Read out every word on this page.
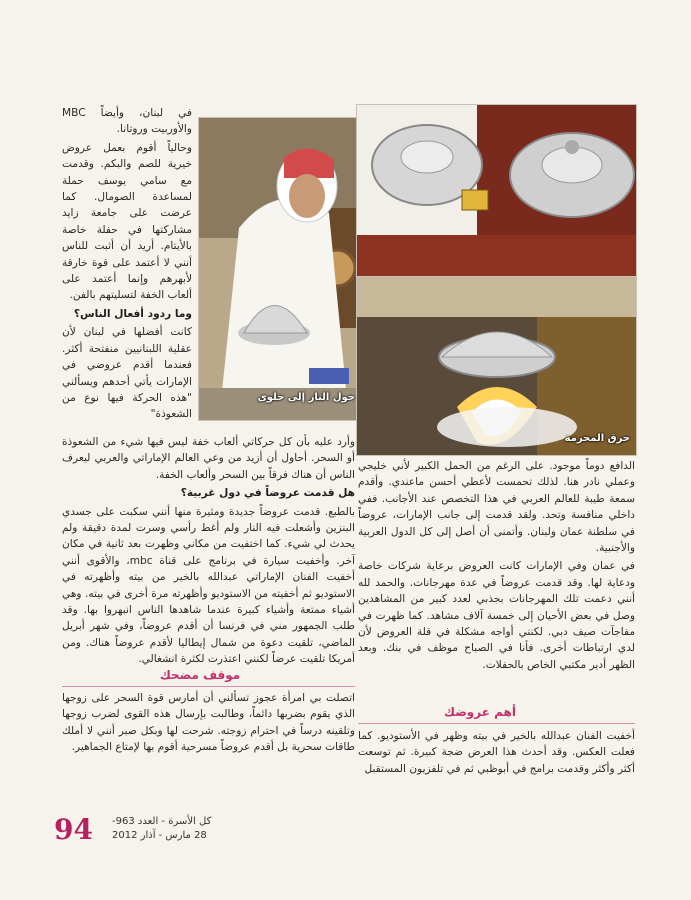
حول النار إلى حلوى
حرق المحرمة

في لبنان، وأيضاً MBC والأوربيت وروتانا.

وحالياً أقوم بعمل عروض خيرية للصم والبكم. وقدمت مع سامي يوسف حملة لمساعدة الصومال. كما عرضت على جامعة زايد مشاركتها في حفلة خاصة بالأيتام. أريد أن أثبت للناس أنني لا أعتمد على قوة خارقة لأبهرهم وإنما أعتمد على ألعاب الخفة لتسليتهم بالفن.

وما ردود أفعال الناس؟

كانت أفضلها في لبنان لأن عقلية اللبنانيين منفتحة أكثر. فعندما أقدم عروضي في الإمارات يأتي أحدهم ويسألني "هذه الحركة فيها نوع من الشعوذة"

وأرد عليه بأن كل حركاتي ألعاب خفة ليس فيها شيء من الشعوذة أو السحر. أحاول أن أزيد من وعي العالم الإماراتي والعربي ليعرف الناس أن هناك فرقاً بين السحر وألعاب الخفة.

هل قدمت عروضاً في دول غربية؟

بالطبع. قدمت عروضاً جديدة ومثيرة منها أنني سكبت على جسدي البنزين وأشعلت فيه النار ولم أغط رأسي وسرت لمدة دقيقة ولم يحدث لي شيء. كما اختفيت من مكاني وظهرت بعد ثانية في مكان آخر. وأخفيت سيارة في برنامج على قناة mbc، والأقوى أنني أخفيت الفنان الإماراتي عبدالله بالخير من بيته وأظهرته في الاستوديو ثم أخفيته من الاستوديو وأظهرته مرة أخرى في بيته. وهي أشياء ممتعة وأشياء كبيرة عندما شاهدها الناس انبهروا بها. وقد طلب الجمهور مني في فرنسا أن أقدم عروضاً، وفي شهر أبريل الماضي، تلقيت دعوة من شمال إيطاليا لأقدم عروضاً هناك. ومن أمريكا تلقيت عرضاً لكنني اعتذرت لكثرة انشغالي.

موقف مضحك

اتصلت بي امرأة عجوز تسألني أن أمارس قوة السحر على زوجها الذي يقوم بضربها دائماً، وطالبت بإرسال هذه القوى لضرب زوجها وتلقينه درساً في احترام زوجته. شرحت لها وبكل صبر أنني لا أملك طاقات سحرية بل أقدم عروضاً مسرحية أقوم بها لإمتاع الجماهير.

الدافع دوماً موجود. على الرغم من الحمل الكبير لأني خليجي وعملي نادر هنا. لذلك تحمست لأعطي أحسن ماعندي. وأقدم سمعة طيبة للعالم العربي في هذا التخصص عند الأجانب. ففي داخلي منافسة وتحد. ولقد قدمت إلى جانب الإمارات، عروضاً في سلطنة عمان ولبنان. وأتمنى أن أصل إلى كل الدول العربية والأجنبية.

في عمان وفي الإمارات كانت العروض برعاية شركات خاصة ودعاية لها. وقد قدمت عروضاً في عدة مهرجانات. والحمد لله أنني دعمت تلك المهرجانات بجذبي لعدد كبير من المشاهدين وصل في بعض الأحيان إلى خمسة آلاف مشاهد. كما ظهرت في مفاجآت صيف دبي. لكنني أواجه مشكلة في قلة العروض لأن لدي ارتباطات أخرى. فأنا في الصباح موظف في بنك. وبعد الظهر أدير مكتبي الخاص بالحفلات.

أهم عروضك

أخفيت الفنان عبدالله بالخير في بيته وظهر في الأستوديو. كما فعلت العكس. وقد أحدث هذا العرض ضجة كبيرة. ثم توسعت أكثر وأكثر وقدمت برامج في أبوظبي ثم في تلفزيون المستقبل

94 كل الأسرة - العدد 963-
28 مارس - آذار 2012
